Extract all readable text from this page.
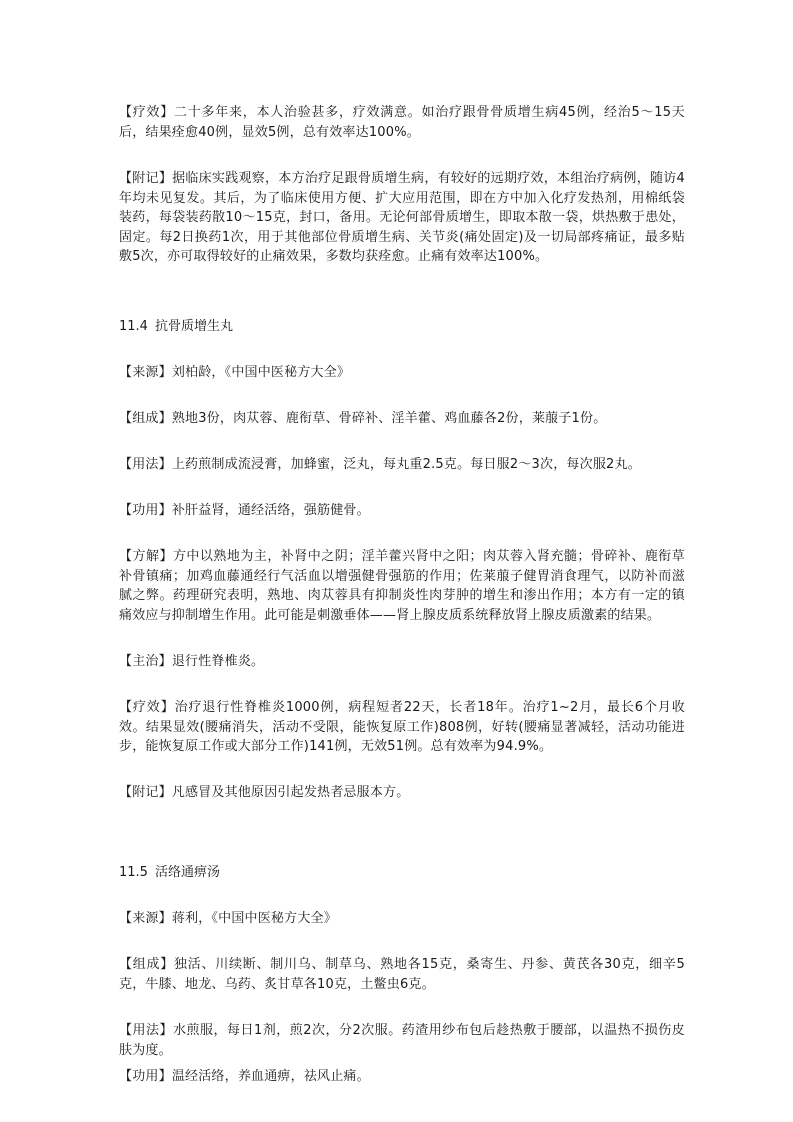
【疗效】二十多年来，本人治验甚多，疗效满意。如治疗跟骨骨质增生病45例，经治5～15天后，结果痊愈40例，显效5例，总有效率达100%。
【附记】据临床实践观察，本方治疗足跟骨质增生病，有较好的远期疗效，本组治疗病例，随访4年均未见复发。其后，为了临床使用方便、扩大应用范围，即在方中加入化疗发热剂，用棉纸袋装药，每袋装药散10～15克，封口，备用。无论何部骨质增生，即取本散一袋，烘热敷于患处，固定。每2日换药1次，用于其他部位骨质增生病、关节炎(痛处固定)及一切局部疼痛证，最多贴敷5次，亦可取得较好的止痛效果，多数均获痊愈。止痛有效率达100%。
11.4 抗骨质增生丸
【来源】刘柏龄，《中国中医秘方大全》
【组成】熟地3份，肉苁蓉、鹿衔草、骨碎补、淫羊藿、鸡血藤各2份，莱菔子1份。
【用法】上药煎制成流浸膏，加蜂蜜，泛丸，每丸重2.5克。每日服2～3次，每次服2丸。
【功用】补肝益肾，通经活络，强筋健骨。
【方解】方中以熟地为主，补肾中之阴；淫羊藿兴肾中之阳；肉苁蓉入肾充髓；骨碎补、鹿衔草补骨镇痛；加鸡血藤通经行气活血以增强健骨强筋的作用；佐莱菔子健胃消食理气，以防补而滋腻之弊。药理研究表明，熟地、肉苁蓉具有抑制炎性肉芽肿的增生和渗出作用；本方有一定的镇痛效应与抑制增生作用。此可能是刺激垂体——肾上腺皮质系统释放肾上腺皮质激素的结果。
【主治】退行性脊椎炎。
【疗效】治疗退行性脊椎炎1000例，病程短者22天，长者18年。治疗1~2月，最长6个月收效。结果显效(腰痛消失，活动不受限，能恢复原工作)808例，好转(腰痛显著减轻，活动功能进步，能恢复原工作或大部分工作)141例，无效51例。总有效率为94.9%。
【附记】凡感冒及其他原因引起发热者忌服本方。
11.5 活络通痹汤
【来源】蒋利，《中国中医秘方大全》
【组成】独活、川续断、制川乌、制草乌、熟地各15克，桑寄生、丹参、黄芪各30克，细辛5克，牛膝、地龙、乌药、炙甘草各10克，土鳖虫6克。
【用法】水煎服，每日1剂，煎2次，分2次服。药渣用纱布包后趁热敷于腰部，以温热不损伤皮肤为度。
【功用】温经活络，养血通痹，祛风止痛。
